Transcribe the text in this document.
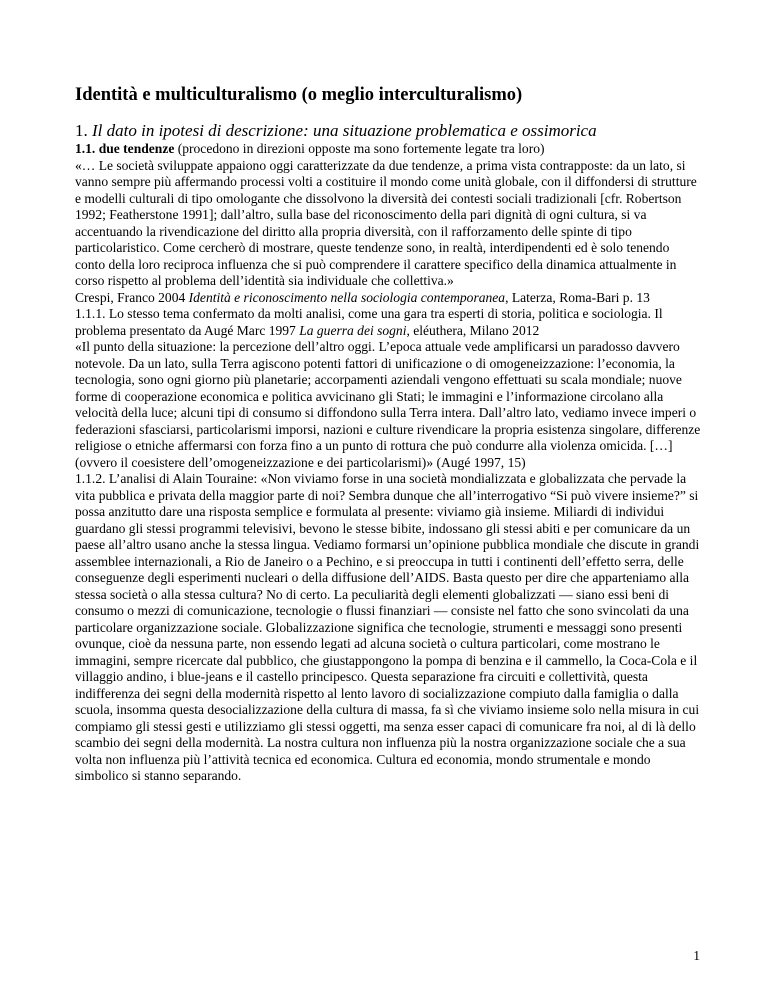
Identità e multiculturalismo (o meglio interculturalismo)

1. Il dato in ipotesi di descrizione: una situazione problematica e ossimorica

1.1. due tendenze (procedono in direzioni opposte ma sono fortemente legate tra loro)

«… Le società sviluppate appaiono oggi caratterizzate da due tendenze, a prima vista contrapposte: da un lato, si vanno sempre più affermando processi volti a costituire il mondo come unità globale, con il diffondersi di strutture e modelli culturali di tipo omologante che dissolvono la diversità dei contesti sociali tradizionali [cfr. Robertson 1992; Featherstone 1991]; dall’altro, sulla base del riconoscimento della pari dignità di ogni cultura, si va accentuando la rivendicazione del diritto alla propria diversità, con il rafforzamento delle spinte di tipo particolaristico. Come cercherò di mostrare, queste tendenze sono, in realtà, interdipendenti ed è solo tenendo conto della loro reciproca influenza che si può comprendere il carattere specifico della dinamica attualmente in corso rispetto al problema dell’identità sia individuale che collettiva.»

Crespi, Franco 2004 Identità e riconoscimento nella sociologia contemporanea, Laterza, Roma-Bari p. 13

1.1.1. Lo stesso tema confermato da molti analisi, come una gara tra esperti di storia, politica e sociologia. Il problema presentato da Augé Marc 1997 La guerra dei sogni, eléuthera, Milano 2012

«Il punto della situazione: la percezione dell’altro oggi. L’epoca attuale vede amplificarsi un paradosso davvero notevole. Da un lato, sulla Terra agiscono potenti fattori di unificazione o di omogeneizzazione: l’economia, la tecnologia, sono ogni giorno più planetarie; accorpamenti aziendali vengono effettuati su scala mondiale; nuove forme di cooperazione economica e politica avvicinano gli Stati; le immagini e l’informazione circolano alla velocità della luce; alcuni tipi di consumo si diffondono sulla Terra intera. Dall’altro lato, vediamo invece imperi o federazioni sfasciarsi, particolarismi imporsi, nazioni e culture rivendicare la propria esistenza singolare, differenze religiose o etniche affermarsi con forza fino a un punto di rottura che può condurre alla violenza omicida. […] (ovvero il coesistere dell’omogeneizzazione e dei particolarismi)» (Augé 1997, 15)

1.1.2. L’analisi di Alain Touraine: «Non viviamo forse in una società mondializzata e globalizzata che pervade la vita pubblica e privata della maggior parte di noi? Sembra dunque che all’interrogativo “Si può vivere insieme?” si possa anzitutto dare una risposta semplice e formulata al presente: viviamo già insieme. Miliardi di individui guardano gli stessi programmi televisivi, bevono le stesse bibite, indossano gli stessi abiti e per comunicare da un paese all’altro usano anche la stessa lingua. Vediamo formarsi un’opinione pubblica mondiale che discute in grandi assemblee internazionali, a Rio de Janeiro o a Pechino, e si preoccupa in tutti i continenti dell’effetto serra, delle conseguenze degli esperimenti nucleari o della diffusione dell’AIDS. Basta questo per dire che apparteniamo alla stessa società o alla stessa cultura? No di certo. La peculiarità degli elementi globalizzati — siano essi beni di consumo o mezzi di comunicazione, tecnologie o flussi finanziari — consiste nel fatto che sono svincolati da una particolare organizzazione sociale. Globalizzazione significa che tecnologie, strumenti e messaggi sono presenti ovunque, cioè da nessuna parte, non essendo legati ad alcuna società o cultura particolari, come mostrano le immagini, sempre ricercate dal pubblico, che giustappongono la pompa di benzina e il cammello, la Coca-Cola e il villaggio andino, i blue-jeans e il castello principesco. Questa separazione fra circuiti e collettività, questa indifferenza dei segni della modernità rispetto al lento lavoro di socializzazione compiuto dalla famiglia o dalla scuola, insomma questa desocializzazione della cultura di massa, fa sì che viviamo insieme solo nella misura in cui compiamo gli stessi gesti e utilizziamo gli stessi oggetti, ma senza esser capaci di comunicare fra noi, al di là dello scambio dei segni della modernità. La nostra cultura non influenza più la nostra organizzazione sociale che a sua volta non influenza più l’attività tecnica ed economica. Cultura ed economia, mondo strumentale e mondo simbolico si stanno separando.

1
